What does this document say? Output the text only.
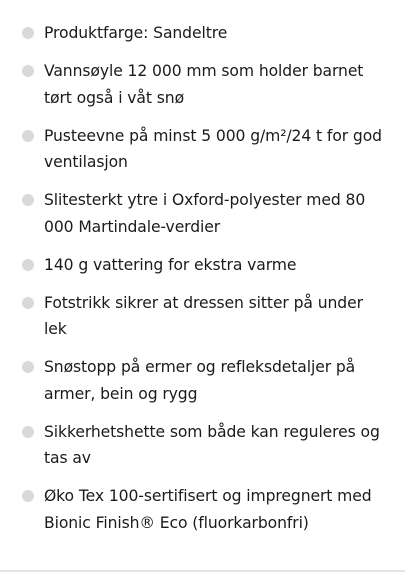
Produktfarge: Sandeltre
Vannsøyle 12 000 mm som holder barnet tørt også i våt snø
Pusteevne på minst 5 000 g/m²/24 t for god ventilasjon
Slitesterkt ytre i Oxford-polyester med 80 000 Martindale-verdier
140 g vattering for ekstra varme
Fotstrikk sikrer at dressen sitter på under lek
Snøstopp på ermer og refleksdetaljer på armer, bein og rygg
Sikkerhetshette som både kan reguleres og tas av
Øko Tex 100-sertifisert og impregnert med Bionic Finish® Eco (fluorkarbonfri)
